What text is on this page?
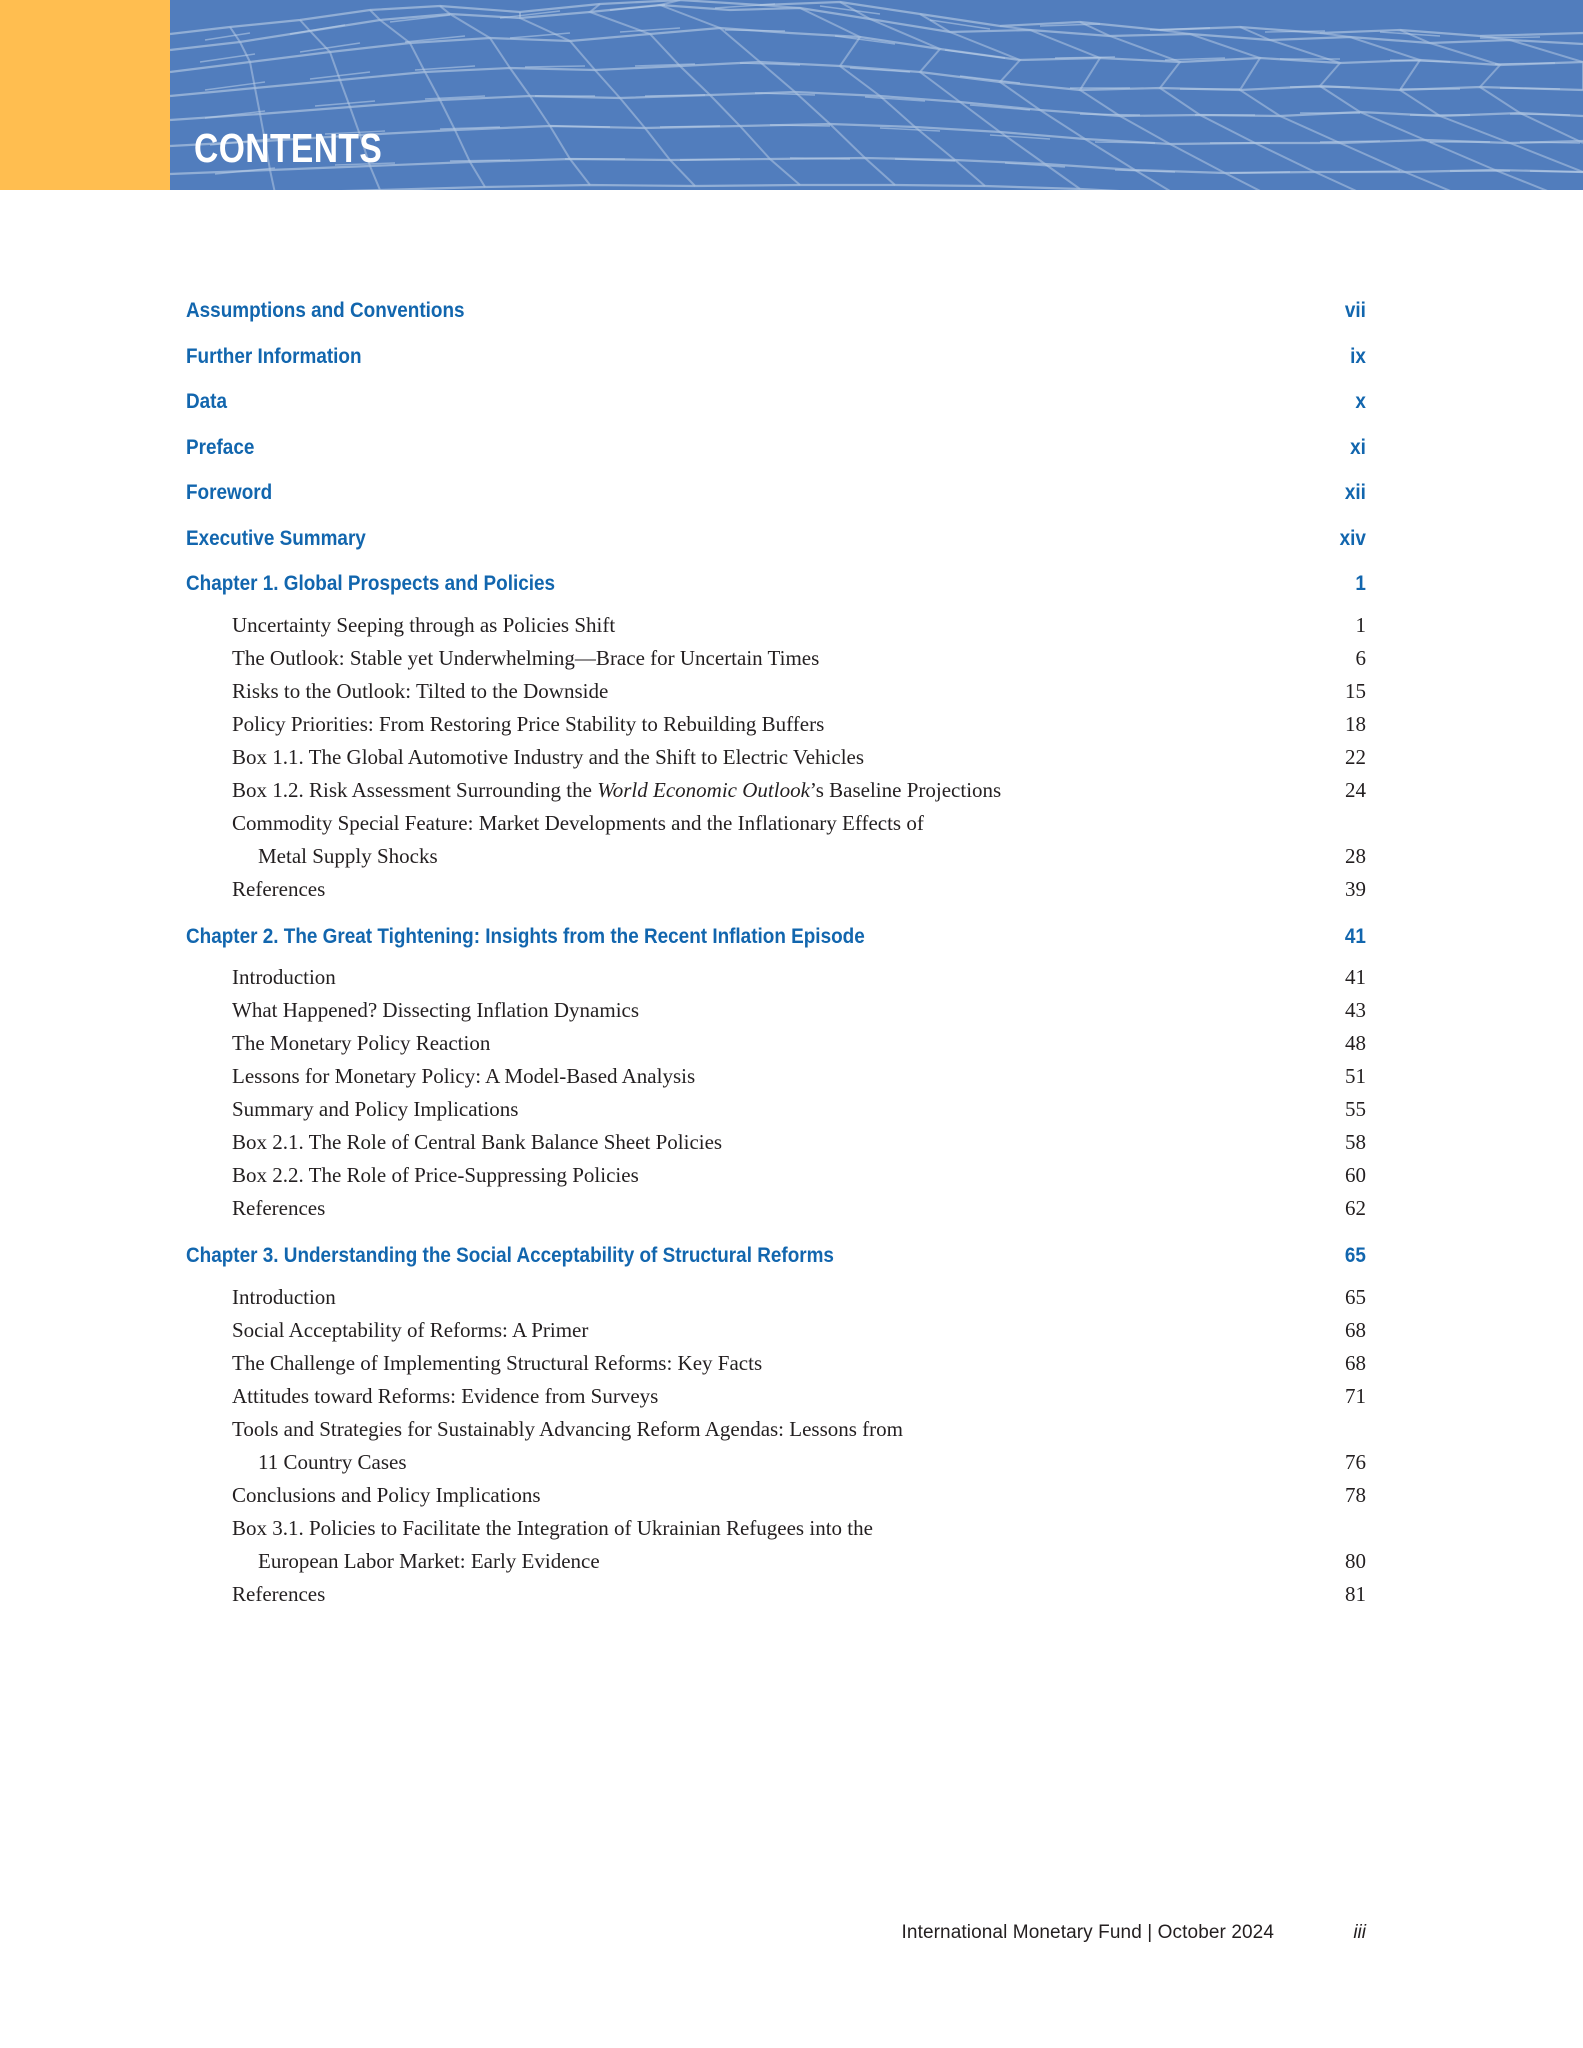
CONTENTS
Assumptions and Conventions	vii
Further Information	ix
Data	x
Preface	xi
Foreword	xii
Executive Summary	xiv
Chapter 1. Global Prospects and Policies	1
Uncertainty Seeping through as Policies Shift	1
The Outlook: Stable yet Underwhelming—Brace for Uncertain Times	6
Risks to the Outlook: Tilted to the Downside	15
Policy Priorities: From Restoring Price Stability to Rebuilding Buffers	18
Box 1.1. The Global Automotive Industry and the Shift to Electric Vehicles	22
Box 1.2. Risk Assessment Surrounding the World Economic Outlook’s Baseline Projections	24
Commodity Special Feature: Market Developments and the Inflationary Effects of
Metal Supply Shocks	28
References	39
Chapter 2. The Great Tightening: Insights from the Recent Inflation Episode	41
Introduction	41
What Happened? Dissecting Inflation Dynamics	43
The Monetary Policy Reaction	48
Lessons for Monetary Policy: A Model-Based Analysis	51
Summary and Policy Implications	55
Box 2.1. The Role of Central Bank Balance Sheet Policies	58
Box 2.2. The Role of Price-Suppressing Policies	60
References	62
Chapter 3. Understanding the Social Acceptability of Structural Reforms	65
Introduction	65
Social Acceptability of Reforms: A Primer	68
The Challenge of Implementing Structural Reforms: Key Facts	68
Attitudes toward Reforms: Evidence from Surveys	71
Tools and Strategies for Sustainably Advancing Reform Agendas: Lessons from
11 Country Cases	76
Conclusions and Policy Implications	78
Box 3.1. Policies to Facilitate the Integration of Ukrainian Refugees into the
European Labor Market: Early Evidence	80
References	81
International Monetary Fund | October 2024	iii
